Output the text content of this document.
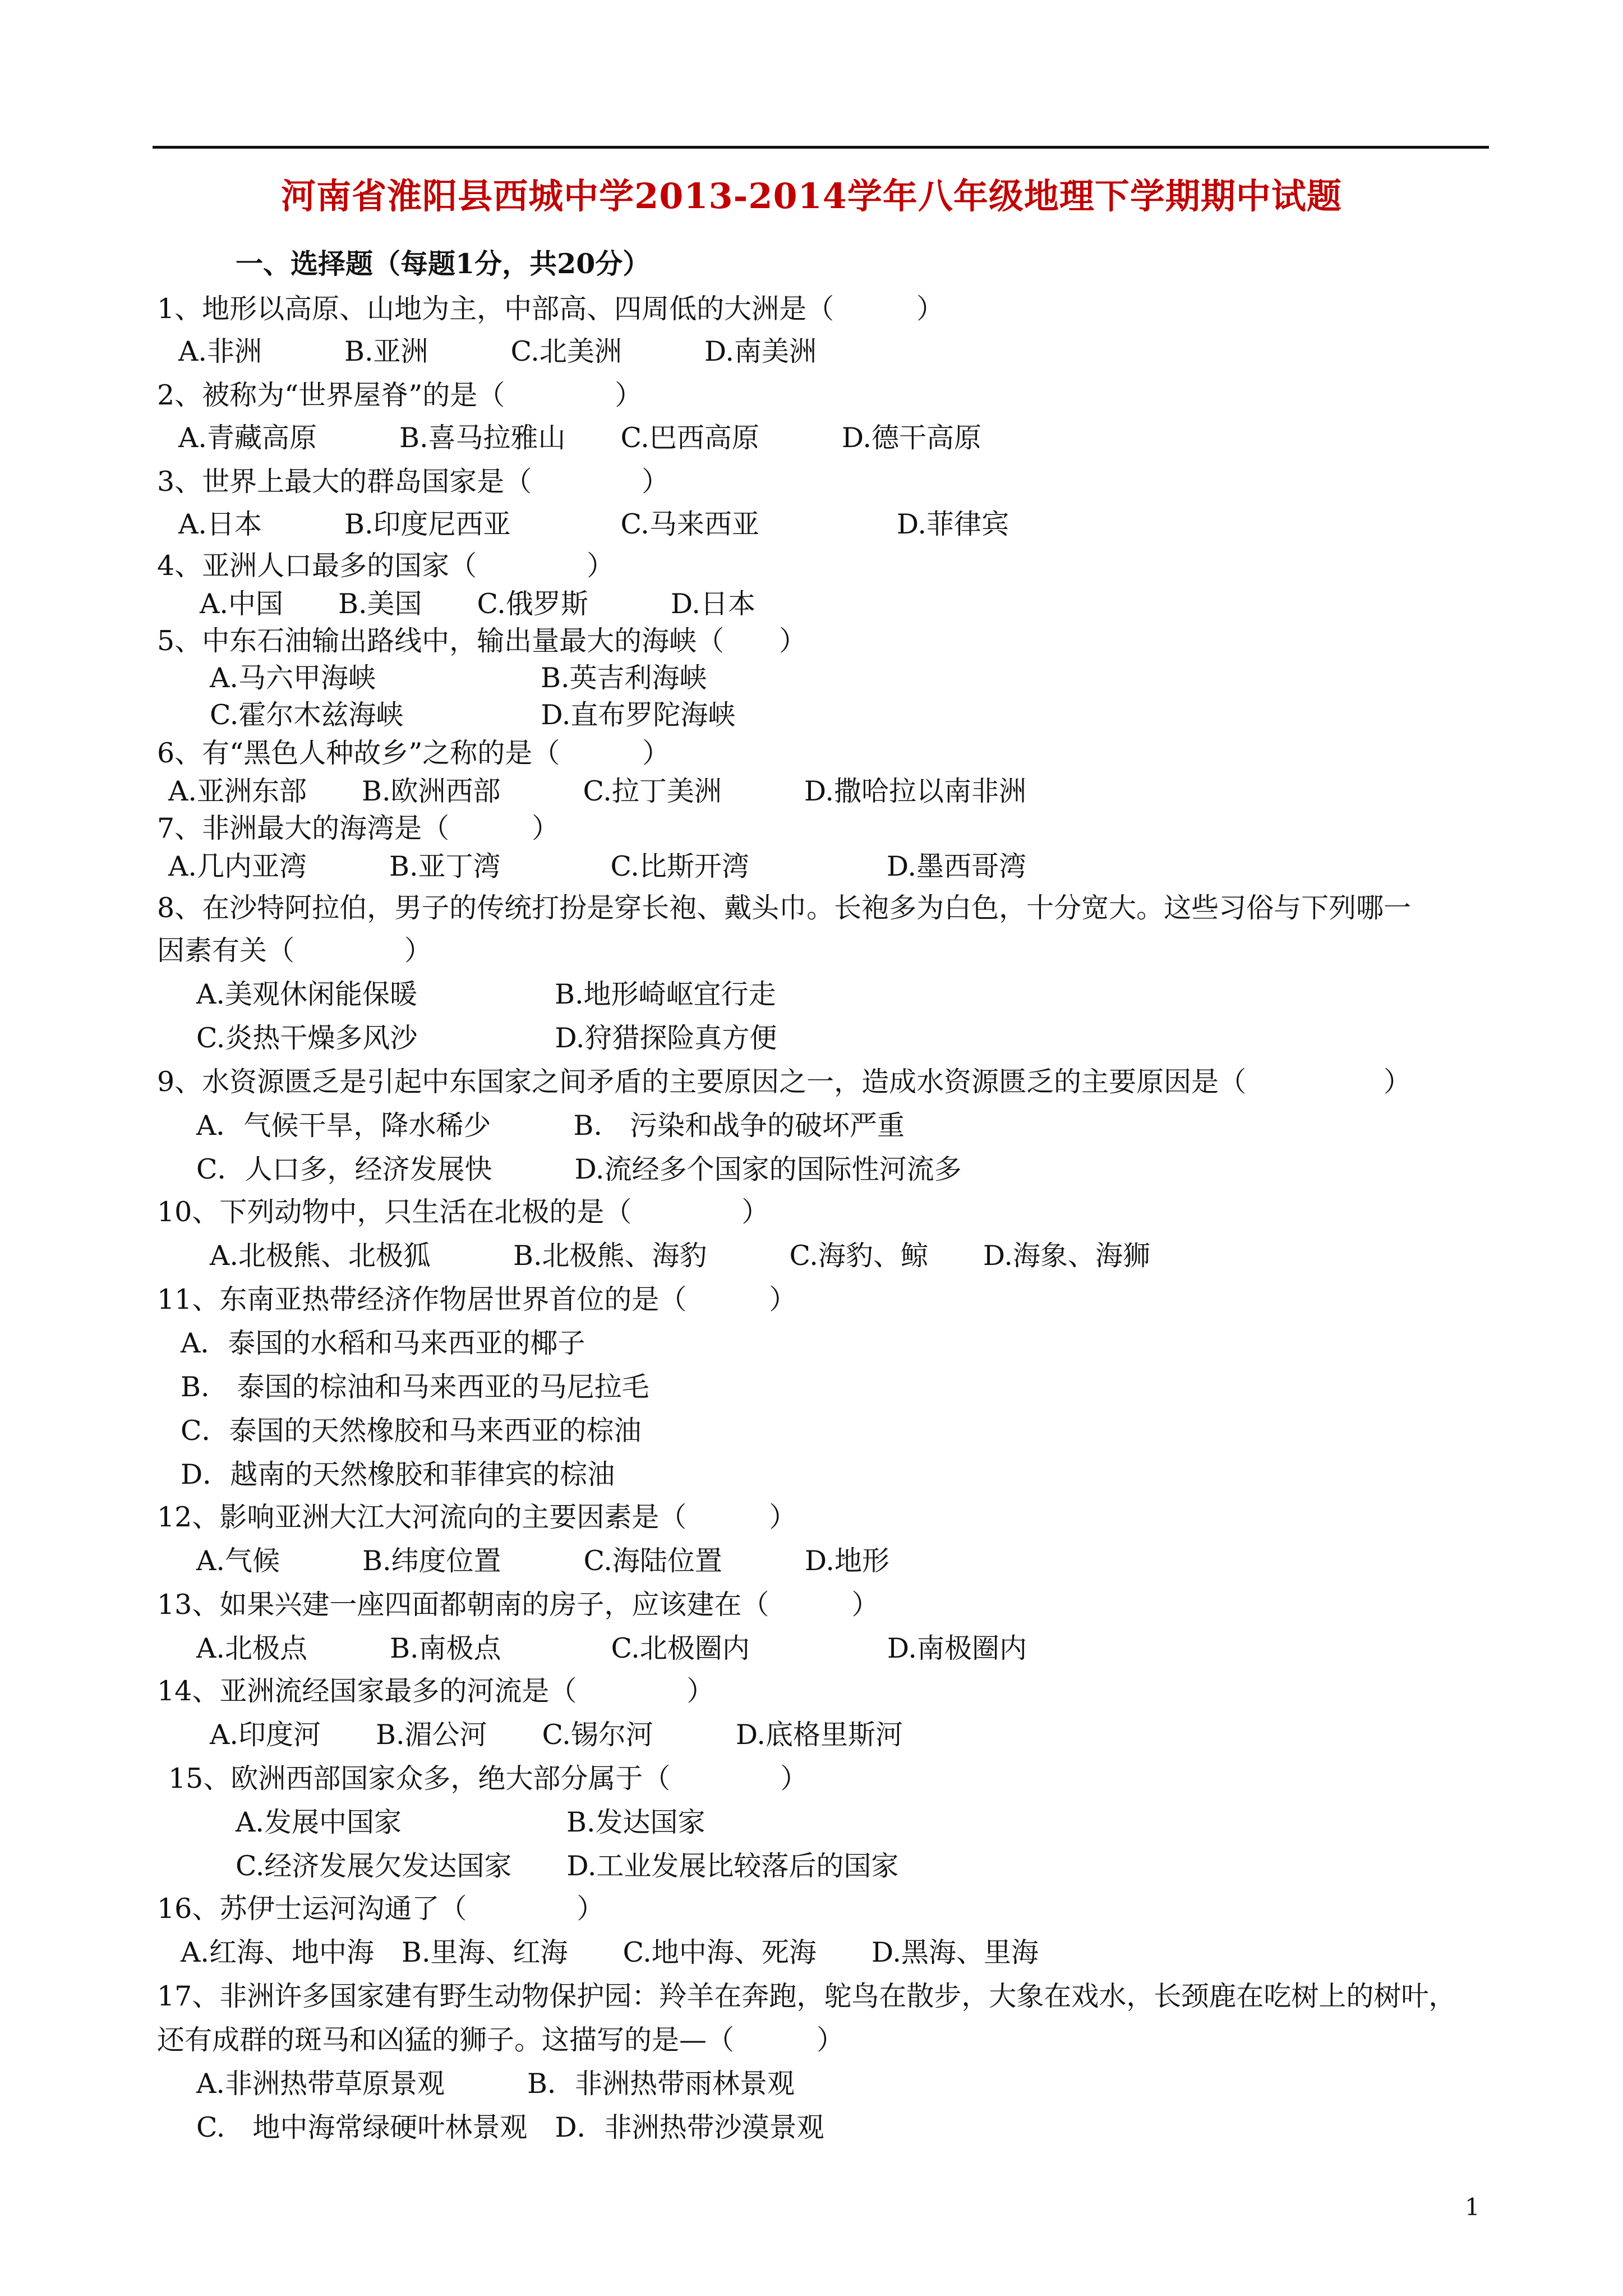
河南省淮阳县西城中学2013-2014学年八年级地理下学期期中试题
一、选择题（每题1分，共20分）
1、地形以高原、山地为主，中部高、四周低的大洲是（　　　）
A.非洲　　　B.亚洲　　　C.北美洲　　　D.南美洲
2、被称为“世界屋脊”的是（　　　　）
A.青藏高原　　　B.喜马拉雅山　　C.巴西高原　　　D.德干高原
3、世界上最大的群岛国家是（　　　　）
A.日本　　　B.印度尼西亚　　　　C.马来西亚　　　　　D.菲律宾
4、亚洲人口最多的国家（　　　　）
A.中国　　B.美国　　C.俄罗斯　　　D.日本
5、中东石油输出路线中，输出量最大的海峡（　　）
A.马六甲海峡　　　　　　B.英吉利海峡
C.霍尔木兹海峡　　　　　D.直布罗陀海峡
6、有“黑色人种故乡”之称的是（　　　）
A.亚洲东部　　B.欧洲西部　　　C.拉丁美洲　　　D.撒哈拉以南非洲
7、非洲最大的海湾是（　　　）
A.几内亚湾　　　B.亚丁湾　　　　C.比斯开湾　　　　　D.墨西哥湾
8、在沙特阿拉伯，男子的传统打扮是穿长袍、戴头巾。长袍多为白色，十分宽大。这些习俗与下列哪一
因素有关（　　　　）
A.美观休闲能保暖　　　　　B.地形崎岖宜行走
C.炎热干燥多风沙　　　　　D.狩猎探险真方便
9、水资源匮乏是引起中东国家之间矛盾的主要原因之一，造成水资源匮乏的主要原因是（　　　　　）
A．气候干旱，降水稀少　　　B.　污染和战争的破坏严重
C．人口多，经济发展快　　　D.流经多个国家的国际性河流多
10、下列动物中，只生活在北极的是（　　　　）
A.北极熊、北极狐　　　B.北极熊、海豹　　　C.海豹、鲸　　D.海象、海狮
11、东南亚热带经济作物居世界首位的是（　　　）
A．泰国的水稻和马来西亚的椰子
B.　泰国的棕油和马来西亚的马尼拉毛
C．泰国的天然橡胶和马来西亚的棕油
D．越南的天然橡胶和菲律宾的棕油
12、影响亚洲大江大河流向的主要因素是（　　　）
A.气候　　　B.纬度位置　　　C.海陆位置　　　D.地形
13、如果兴建一座四面都朝南的房子，应该建在（　　　）
A.北极点　　　B.南极点　　　　C.北极圈内　　　　　D.南极圈内
14、亚洲流经国家最多的河流是（　　　　）
A.印度河　　B.湄公河　　C.锡尔河　　　D.底格里斯河
15、欧洲西部国家众多，绝大部分属于（　　　　）
A.发展中国家　　　　　　B.发达国家
C.经济发展欠发达国家　　D.工业发展比较落后的国家
16、苏伊士运河沟通了（　　　　）
A.红海、地中海　B.里海、红海　　C.地中海、死海　　D.黑海、里海
17、非洲许多国家建有野生动物保护园：羚羊在奔跑，鸵鸟在散步，大象在戏水，长颈鹿在吃树上的树叶，
还有成群的斑马和凶猛的狮子。这描写的是—（　　　）
A.非洲热带草原景观　　　B．非洲热带雨林景观
C.　地中海常绿硬叶林景观　D．非洲热带沙漠景观
1
